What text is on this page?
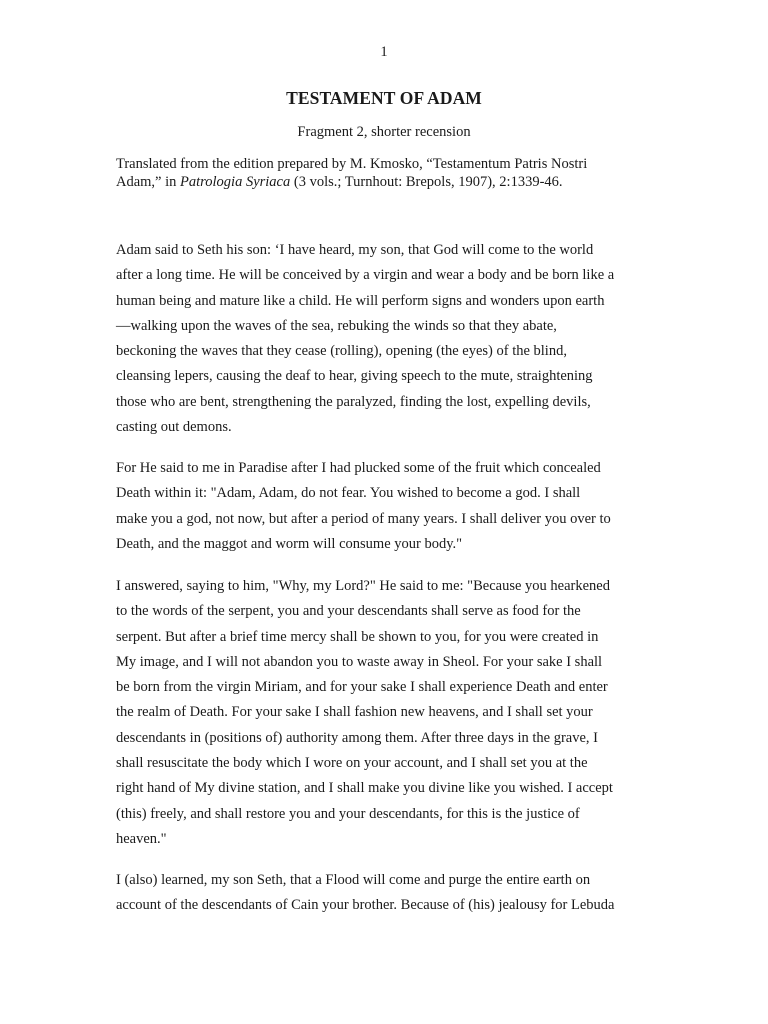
1
TESTAMENT OF ADAM
Fragment 2, shorter recension
Translated from the edition prepared by M. Kmosko, “Testamentum Patris Nostri
Adam,” in Patrologia Syriaca (3 vols.; Turnhout: Brepols, 1907), 2:1339-46.
Adam said to Seth his son: ‘I have heard, my son, that God will come to the world
after a long time. He will be conceived by a virgin and wear a body and be born like a
human being and mature like a child. He will perform signs and wonders upon earth
—walking upon the waves of the sea, rebuking the winds so that they abate,
beckoning the waves that they cease (rolling), opening (the eyes) of the blind,
cleansing lepers, causing the deaf to hear, giving speech to the mute, straightening
those who are bent, strengthening the paralyzed, finding the lost, expelling devils,
casting out demons.
For He said to me in Paradise after I had plucked some of the fruit which concealed
Death within it: "Adam, Adam, do not fear. You wished to become a god. I shall
make you a god, not now, but after a period of many years. I shall deliver you over to
Death, and the maggot and worm will consume your body."
I answered, saying to him, "Why, my Lord?" He said to me: "Because you hearkened
to the words of the serpent, you and your descendants shall serve as food for the
serpent. But after a brief time mercy shall be shown to you, for you were created in
My image, and I will not abandon you to waste away in Sheol. For your sake I shall
be born from the virgin Miriam, and for your sake I shall experience Death and enter
the realm of Death. For your sake I shall fashion new heavens, and I shall set your
descendants in (positions of) authority among them. After three days in the grave, I
shall resuscitate the body which I wore on your account, and I shall set you at the
right hand of My divine station, and I shall make you divine like you wished. I accept
(this) freely, and shall restore you and your descendants, for this is the justice of
heaven."
I (also) learned, my son Seth, that a Flood will come and purge the entire earth on
account of the descendants of Cain your brother. Because of (his) jealousy for Lebuda
